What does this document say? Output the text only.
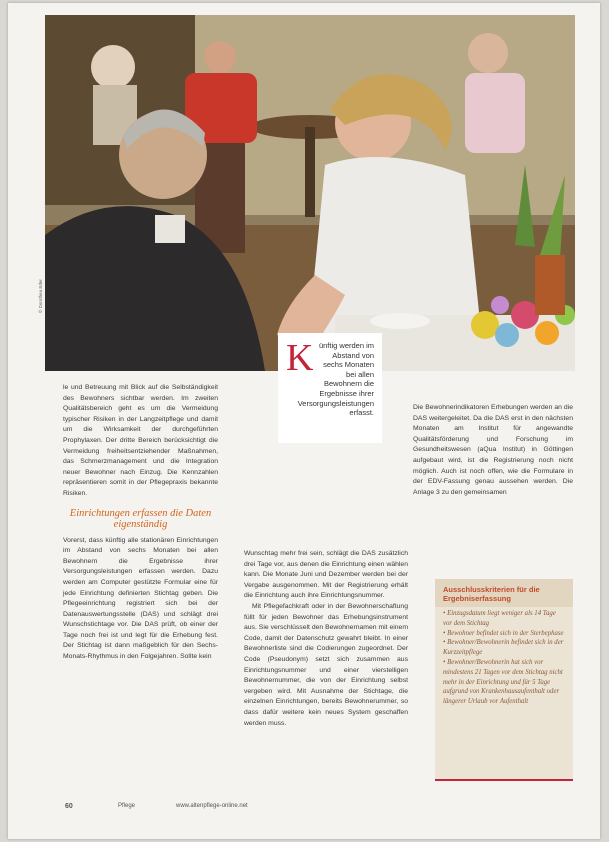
© Dorothea Eder
K ünftig werden im Abstand von sechs Monaten bei allen Bewohnern die Ergebnisse ihrer Versorgungsleistungen erfasst.

le und Betreuung mit Blick auf die Selbständigkeit des Bewohners sichtbar werden. Im zweiten Qualitätsbereich geht es um die Vermeidung typischer Risiken in der Langzeitpflege und damit um die Wirksamkeit der durchgeführten Prophylaxen. Der dritte Bereich berücksichtigt die Vermeidung freiheitsentziehender Maßnahmen, das Schmerzmanagement und die Integration neuer Bewohner nach Einzug. Die Kennzahlen repräsentieren somit in der Pflegepraxis bekannte Risiken.

Einrichtungen erfassen die Daten eigenständig

Vorerst, dass künftig alle stationären Einrichtungen im Abstand von sechs Monaten bei allen Bewohnern die Ergebnisse ihrer Versorgungsleistungen erfassen werden. Dazu werden am Computer gestützte Formular eine für jede Einrichtung definierten Stichtag geben. Die Pflegeeinrichtung registriert sich bei der Datenauswertungsstelle (DAS) und schlägt drei Wunschstichtage vor. Die DAS prüft, ob einer der Tage noch frei ist und legt für die Erhebung fest. Der Stichtag ist dann maßgeblich für den Sechs-Monats-Rhythmus in den Folgejahren. Sollte kein

Wunschtag mehr frei sein, schlägt die DAS zusätzlich drei Tage vor, aus denen die Einrichtung einen wählen kann. Die Monate Juni und Dezember werden bei der Vergabe ausgenommen. Mit der Registrierung erhält die Einrichtung auch ihre Einrichtungsnummer.

Mit Pflegefachkraft oder in der Bewohnerschaftung füllt für jeden Bewohner das Erhebungsinstrument aus. Sie verschlüsselt den Bewohnernamen mit einem Code, damit der Datenschutz gewahrt bleibt. In einer Bewohnerliste sind die Codierungen zugeordnet. Der Code (Pseudonym) setzt sich zusammen aus Einrichtungsnummer und einer vierstelligen Bewohnernummer, die von der Einrichtung selbst vergeben wird. Mit Ausnahme der Stichtage, die einzelnen Einrichtungen, bereits Bewohnerummer, so dass dafür weitere kein neues System geschaffen werden muss.

Die Bewohnerindikatoren Erhebungen werden an die DAS weitergeleitet. Da die DAS erst in den nächsten Monaten am Institut für angewandte Qualitätsförderung und Forschung im Gesundheitswesen (aQua Institut) in Göttingen aufgebaut wird, ist die Registrierung noch nicht möglich. Auch ist noch offen, wie die Formulare in der EDV-Fassung genau aussehen werden. Die Anlage 3 zu den gemeinsamen

Ausschlusskriterien für die Ergebniserfassung
• Einzugsdatum liegt weniger als 14 Tage vor dem Stichtag
• Bewohner befindet sich in der Sterbephase
• Bewohner/Bewohnerin befindet sich in der Kurzzeitpflege
• Bewohner/Bewohnerin hat sich vor mindestens 21 Tagen vor dem Stichtag nicht mehr in der Einrichtung und für 5 Tage aufgrund von Krankenhausaufenthalt oder längerer Urlaub vor Aufenthalt
60	Pflege	www.altenpflege-online.net
